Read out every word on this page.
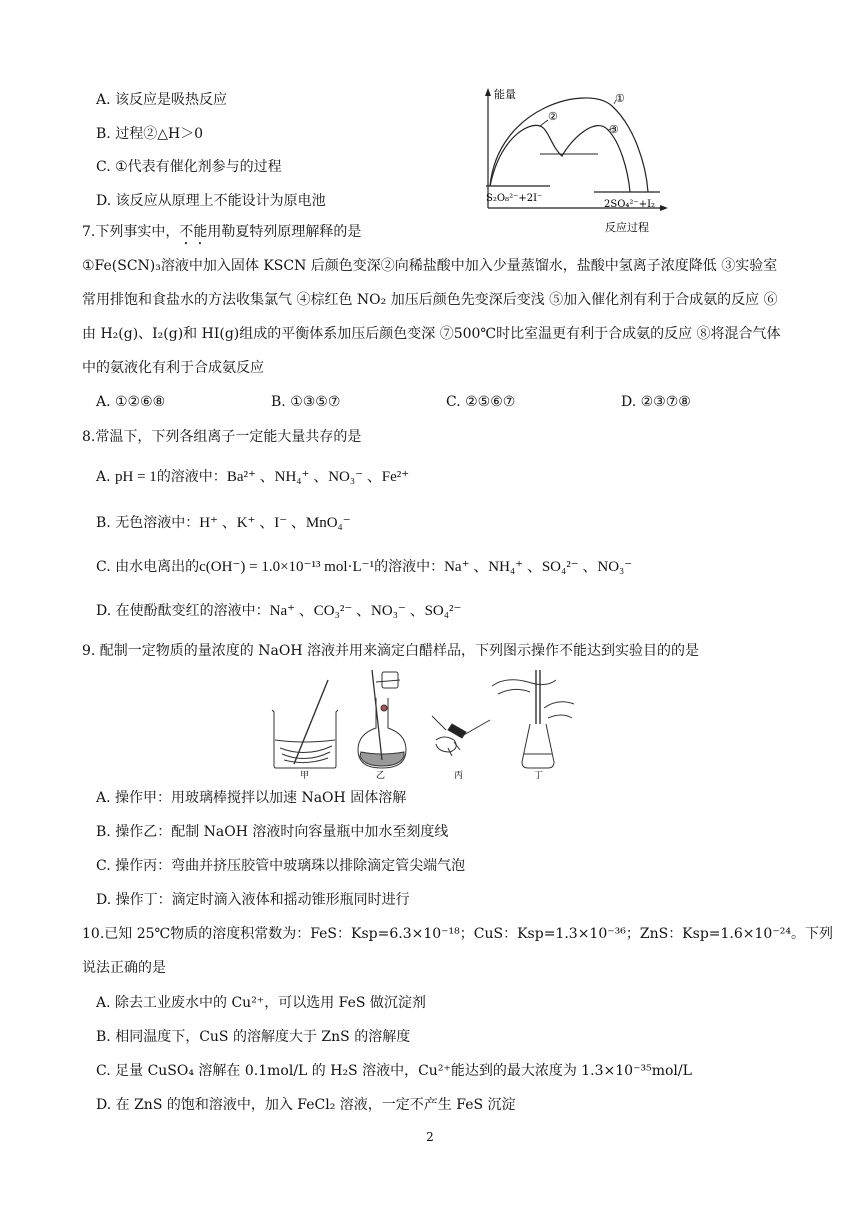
A. 该反应是吸热反应
B. 过程②△H＞0
C. ①代表有催化剂参与的过程
D. 该反应从原理上不能设计为原电池
能量
反应过程
①
②
③
S₂O₈²⁻+2I⁻
2SO₄²⁻+I₂
7.下列事实中，不能用勒夏特列原理解释的是
①Fe(SCN)₃溶液中加入固体 KSCN 后颜色变深②向稀盐酸中加入少量蒸馏水，盐酸中氢离子浓度降低 ③实验室常用排饱和食盐水的方法收集氯气 ④棕红色 NO₂ 加压后颜色先变深后变浅 ⑤加入催化剂有利于合成氨的反应 ⑥由 H₂(g)、I₂(g)和 HI(g)组成的平衡体系加压后颜色变深 ⑦500℃时比室温更有利于合成氨的反应 ⑧将混合气体中的氨液化有利于合成氨反应
A. ①②⑥⑧	B. ①③⑤⑦	C. ②⑤⑥⑦	D. ②③⑦⑧
8.常温下，下列各组离子一定能大量共存的是
A. pH = 1的溶液中：Ba²⁺ 、NH₄⁺ 、NO₃⁻ 、Fe²⁺
B. 无色溶液中：H⁺ 、K⁺ 、I⁻ 、MnO₄⁻
C. 由水电离出的c(OH⁻) = 1.0×10⁻¹³ mol·L⁻¹的溶液中：Na⁺ 、NH₄⁺ 、SO₄²⁻ 、NO₃⁻
D. 在使酚酞变红的溶液中：Na⁺ 、CO₃²⁻ 、NO₃⁻ 、SO₄²⁻
9. 配制一定物质的量浓度的 NaOH 溶液并用来滴定白醋样品，下列图示操作不能达到实验目的的是
甲	乙	丙	丁
A. 操作甲：用玻璃棒搅拌以加速 NaOH 固体溶解
B. 操作乙：配制 NaOH 溶液时向容量瓶中加水至刻度线
C. 操作丙：弯曲并挤压胶管中玻璃珠以排除滴定管尖端气泡
D. 操作丁：滴定时滴入液体和摇动锥形瓶同时进行
10.已知 25℃物质的溶度积常数为：FeS：Ksp=6.3×10⁻¹⁸；CuS：Ksp=1.3×10⁻³⁶；ZnS：Ksp=1.6×10⁻²⁴。下列
说法正确的是
A. 除去工业废水中的 Cu²⁺，可以选用 FeS 做沉淀剂
B. 相同温度下，CuS 的溶解度大于 ZnS 的溶解度
C. 足量 CuSO₄ 溶解在 0.1mol/L 的 H₂S 溶液中，Cu²⁺能达到的最大浓度为 1.3×10⁻³⁵mol/L
D. 在 ZnS 的饱和溶液中，加入 FeCl₂ 溶液，一定不产生 FeS 沉淀
2
